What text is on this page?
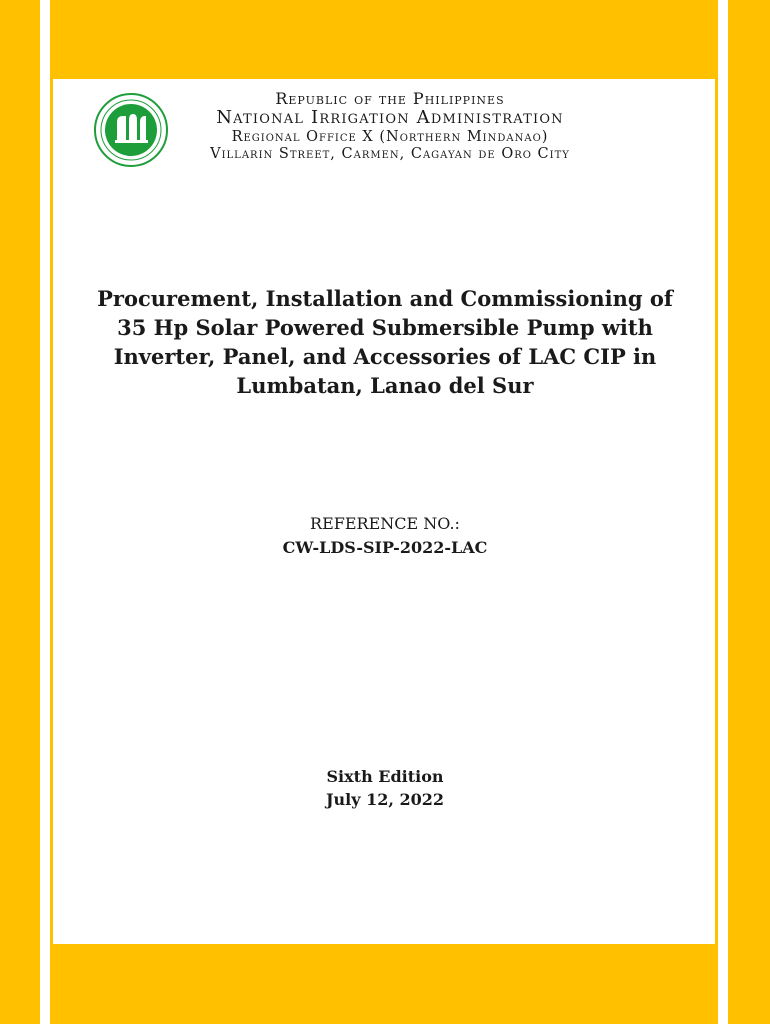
Republic of the Philippines
National Irrigation Administration
Regional Office X (Northern Mindanao)
Villarin Street, Carmen, Cagayan de Oro City
Procurement, Installation and Commissioning of
35 Hp Solar Powered Submersible Pump with
Inverter, Panel, and Accessories of LAC CIP in
Lumbatan, Lanao del Sur
REFERENCE NO.:
CW-LDS-SIP-2022-LAC
Sixth Edition
July 12, 2022
